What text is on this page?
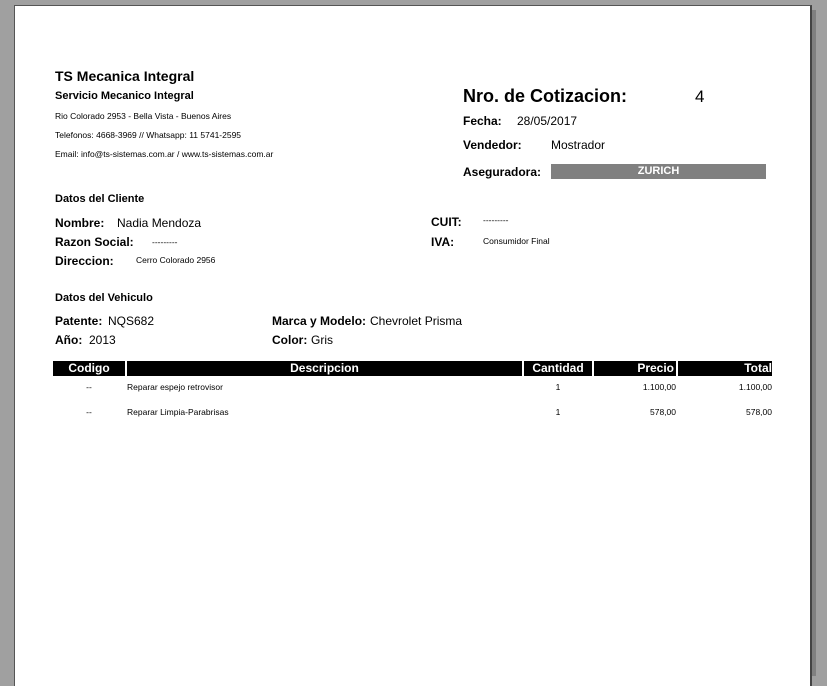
TS Mecanica Integral
Servicio Mecanico Integral
Rio Colorado 2953 - Bella Vista - Buenos Aires
Telefonos: 4668-3969 // Whatsapp: 11 5741-2595
Email: info@ts-sistemas.com.ar / www.ts-sistemas.com.ar
Nro. de Cotizacion:	4
Fecha: 28/05/2017
Vendedor: Mostrador
Aseguradora:	ZURICH
Datos del Cliente
Nombre: Nadia Mendoza
Razon Social: ---------
Direccion:	Cerro Colorado 2956
CUIT:	---------
IVA:	Consumidor Final
Datos del Vehiculo
Patente: NQS682
Año: 2013
Marca y Modelo: Chevrolet Prisma
Color: Gris
Codigo	Descripcion	Cantidad	Precio	Total
--	Reparar espejo retrovisor	1	1.100,00	1.100,00
--	Reparar Limpia-Parabrisas	1	578,00	578,00
